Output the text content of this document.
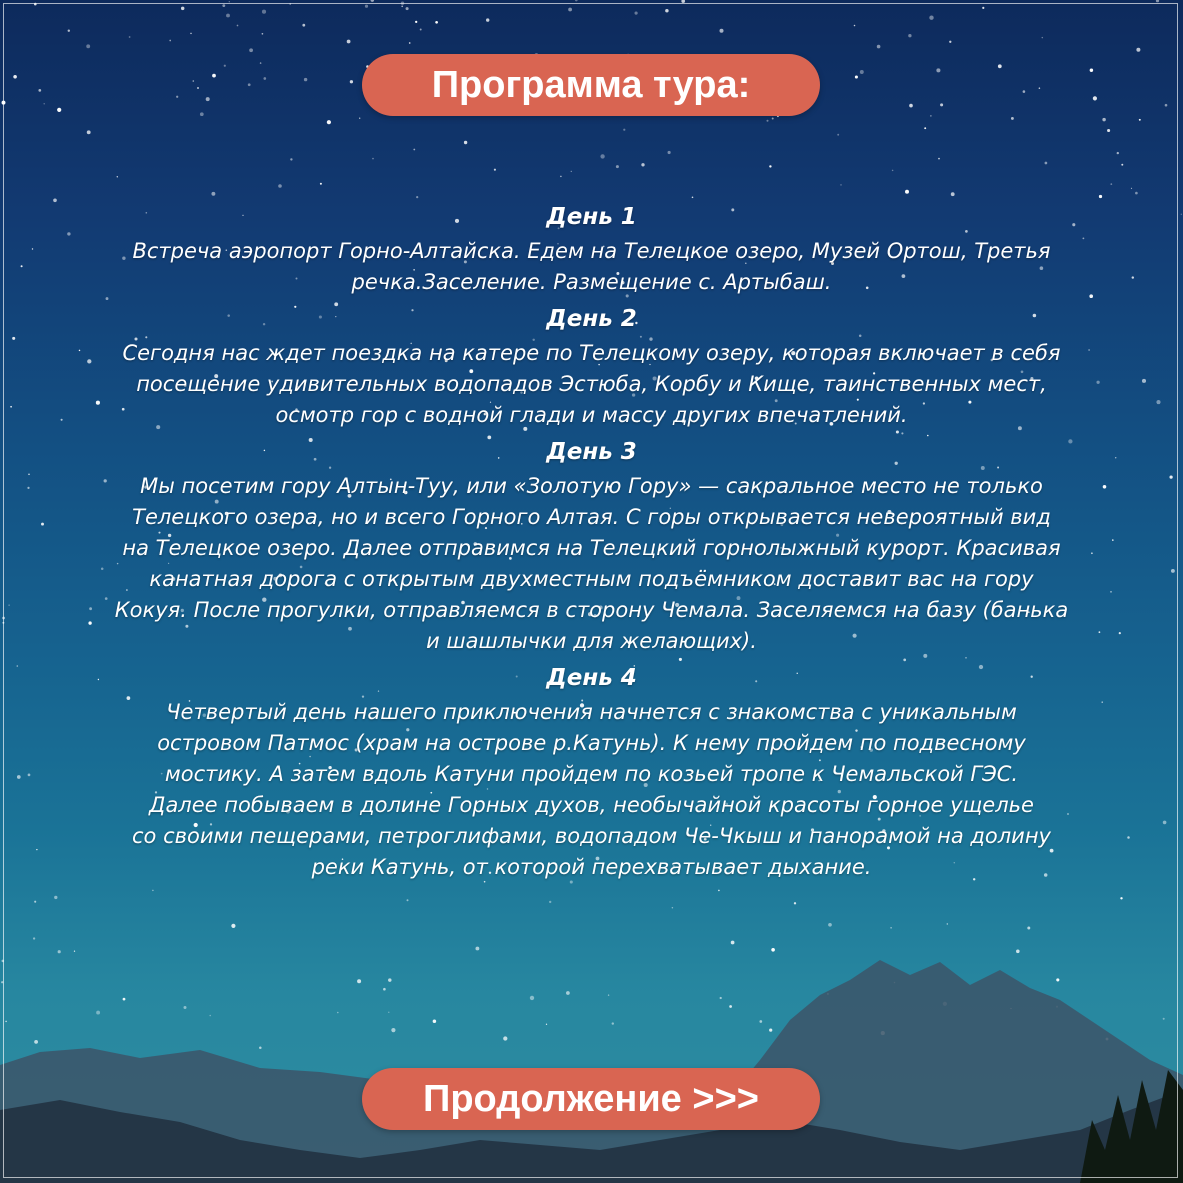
Программа тура:
День 1
Встреча аэропорт Горно-Алтайска. Едем на Телецкое озеро, Музей Ортош, Третья
речка.Заселение. Размещение с. Артыбаш.
День 2
Сегодня нас ждет поездка на катере по Телецкому озеру, которая включает в себя
посещение удивительных водопадов Эстюба, Корбу и Кище, таинственных мест,
осмотр гор с водной глади и массу других впечатлений.
День 3
Мы посетим гору Алтын-Туу, или «Золотую Гору» — сакральное место не только
Телецкого озера, но и всего Горного Алтая. С горы открывается невероятный вид
на Телецкое озеро. Далее отправимся на Телецкий горнолыжный курорт. Красивая
канатная дорога с открытым двухместным подъёмником доставит вас на гору
Кокуя. После прогулки, отправляемся в сторону Чемала. Заселяемся на базу (банька
и шашлычки для желающих).
День 4
Четвертый день нашего приключения начнется с знакомства с уникальным
островом Патмос (храм на острове р.Катунь). К нему пройдем по подвесному
мостику. А затем вдоль Катуни пройдем по козьей тропе к Чемальской ГЭС.
Далее побываем в долине Горных духов, необычайной красоты горное ущелье
со своими пещерами, петроглифами, водопадом Че-Чкыш и панорамой на долину
реки Катунь, от которой перехватывает дыхание.
Продолжение >>>
